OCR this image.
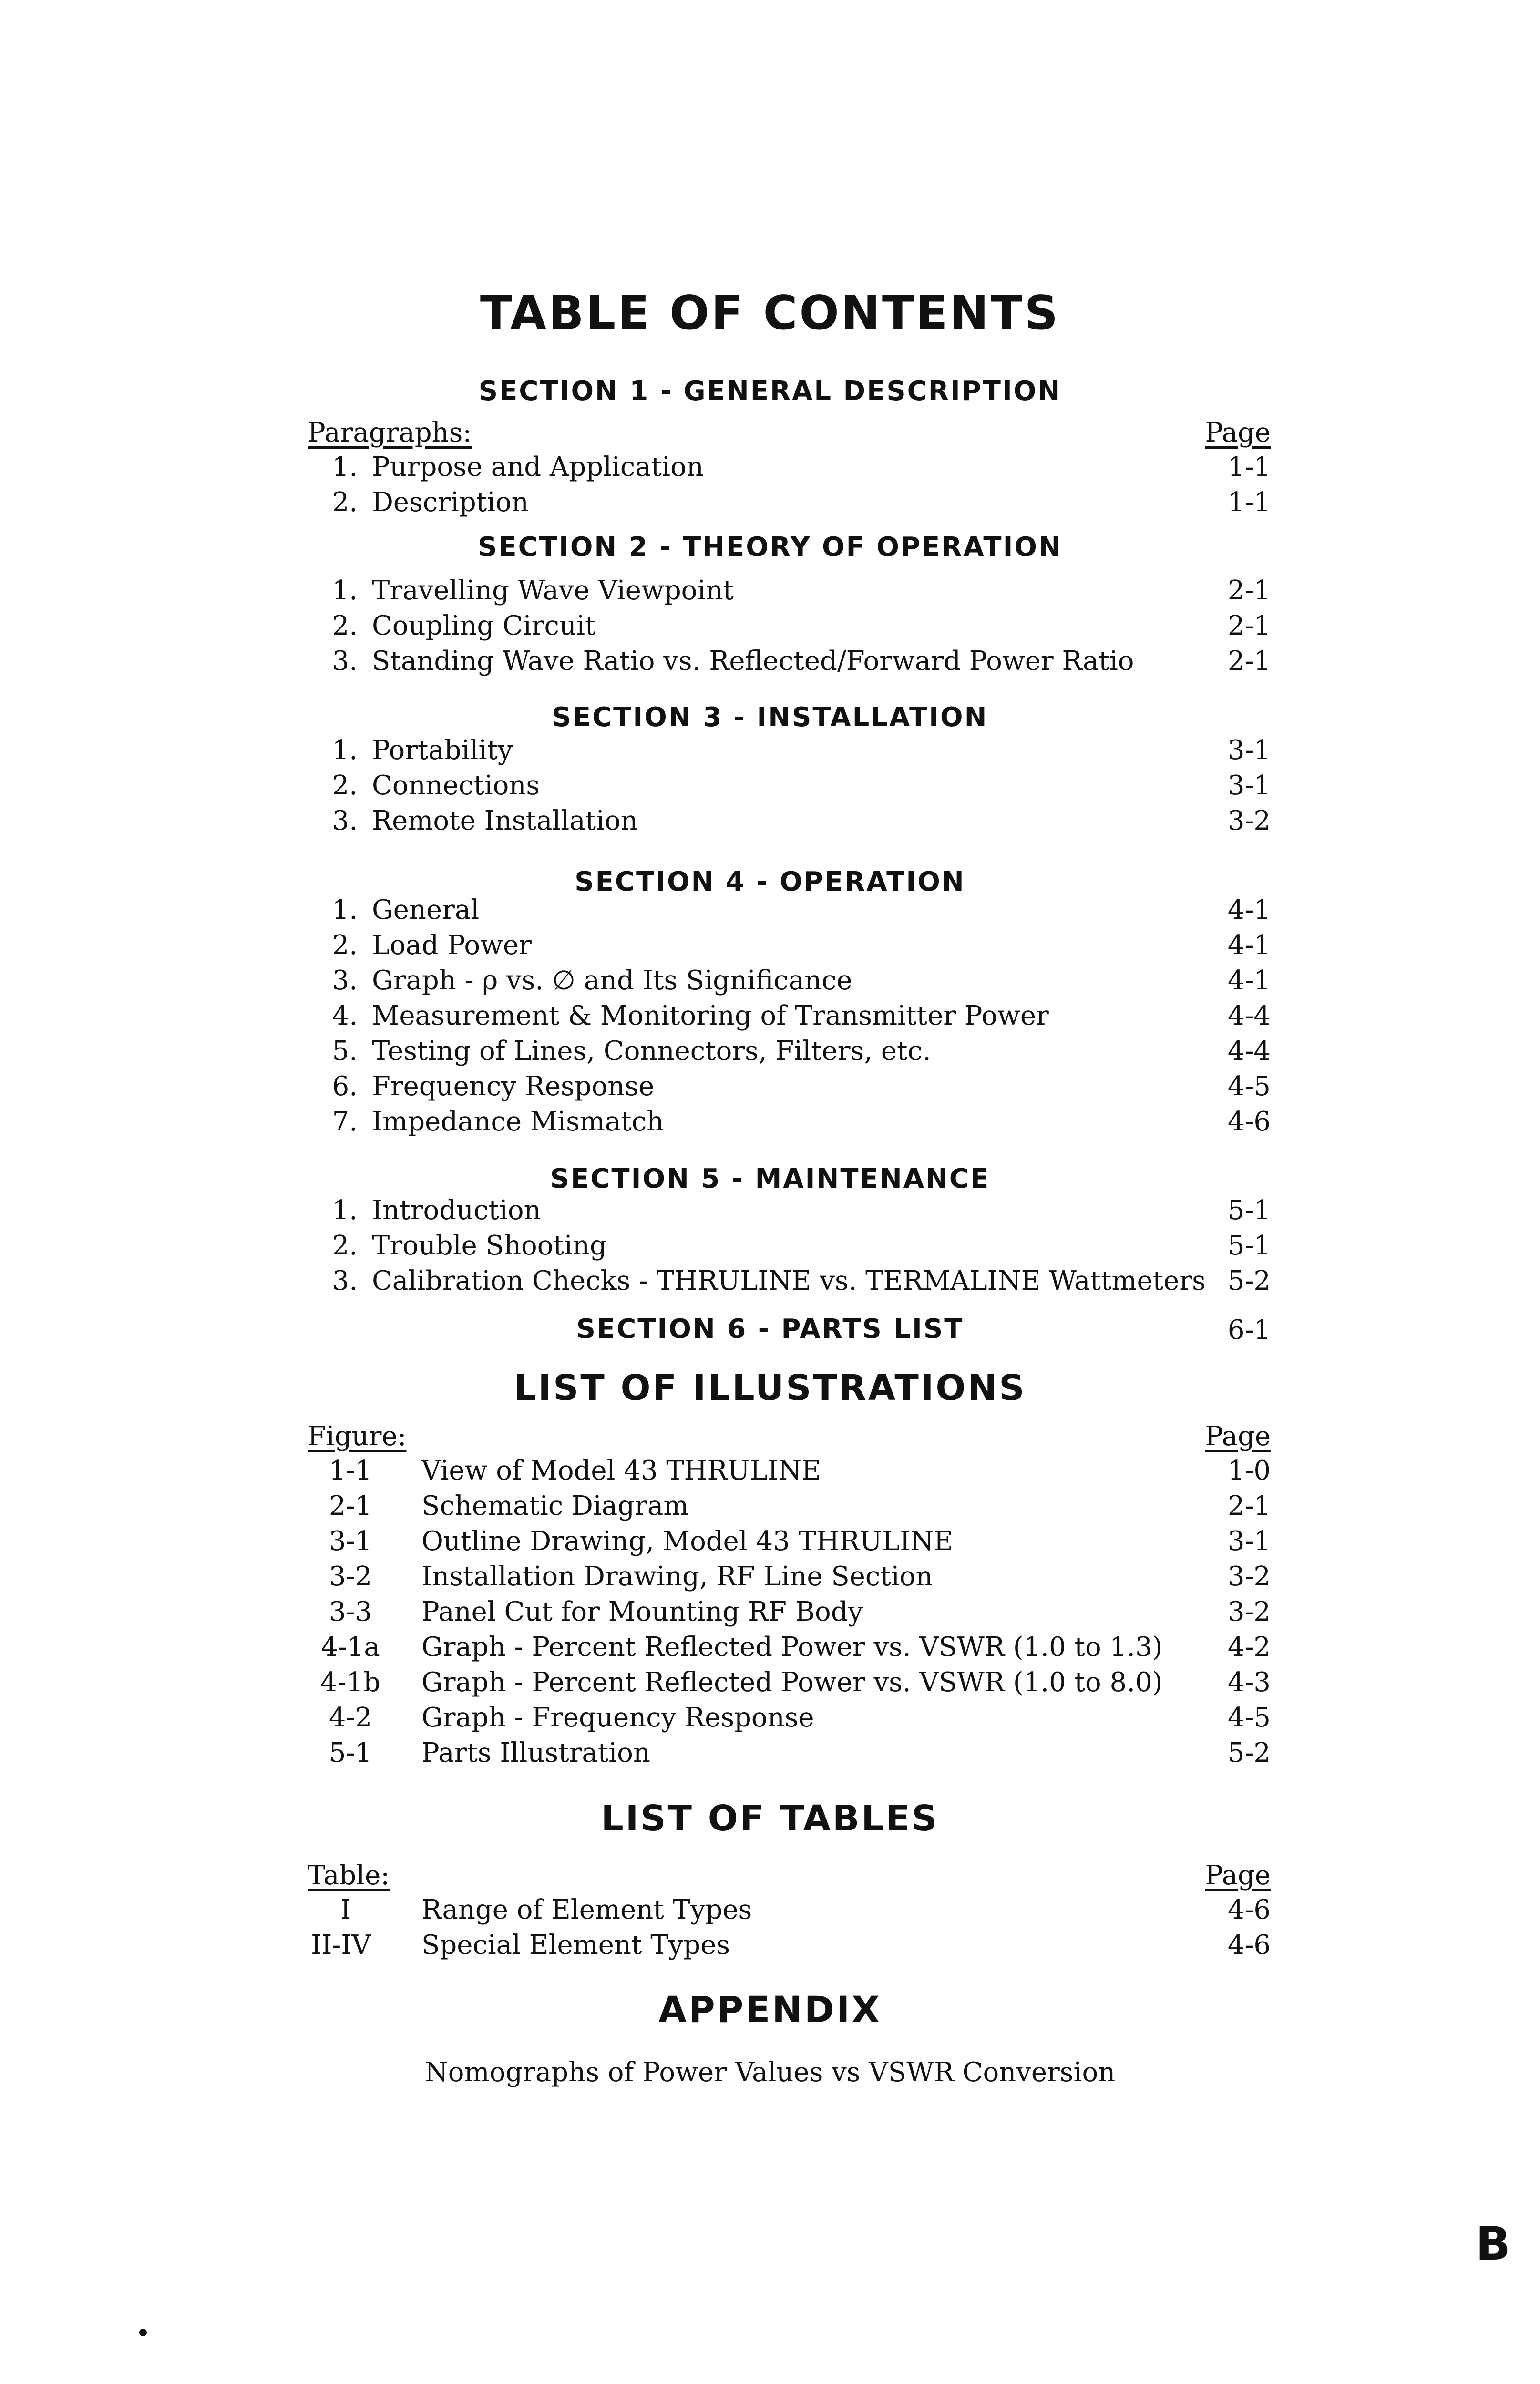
TABLE OF CONTENTS
SECTION 1 - GENERAL DESCRIPTION
Paragraphs:	Page
1. Purpose and Application	1-1
2. Description	1-1
SECTION 2 - THEORY OF OPERATION
1. Travelling Wave Viewpoint	2-1
2. Coupling Circuit	2-1
3. Standing Wave Ratio vs. Reflected/Forward Power Ratio	2-1
SECTION 3 - INSTALLATION
1. Portability	3-1
2. Connections	3-1
3. Remote Installation	3-2
SECTION 4 - OPERATION
1. General	4-1
2. Load Power	4-1
3. Graph - ρ vs. ∅ and Its Significance	4-1
4. Measurement & Monitoring of Transmitter Power	4-4
5. Testing of Lines, Connectors, Filters, etc.	4-4
6. Frequency Response	4-5
7. Impedance Mismatch	4-6
SECTION 5 - MAINTENANCE
1. Introduction	5-1
2. Trouble Shooting	5-1
3. Calibration Checks - THRULINE vs. TERMALINE Wattmeters 5-2
SECTION 6 - PARTS LIST	6-1
LIST OF ILLUSTRATIONS
Figure:	Page
1-1	View of Model 43 THRULINE	1-0
2-1	Schematic Diagram	2-1
3-1	Outline Drawing, Model 43 THRULINE	3-1
3-2	Installation Drawing, RF Line Section	3-2
3-3	Panel Cut for Mounting RF Body	3-2
4-1a	Graph - Percent Reflected Power vs. VSWR (1.0 to 1.3) 4-2
4-1b	Graph - Percent Reflected Power vs. VSWR (1.0 to 8.0) 4-3
4-2	Graph - Frequency Response	4-5
5-1	Parts Illustration	5-2
LIST OF TABLES
Table:	Page
I	Range of Element Types	4-6
II-IV	Special Element Types	4-6
APPENDIX
Nomographs of Power Values vs VSWR Conversion
B
